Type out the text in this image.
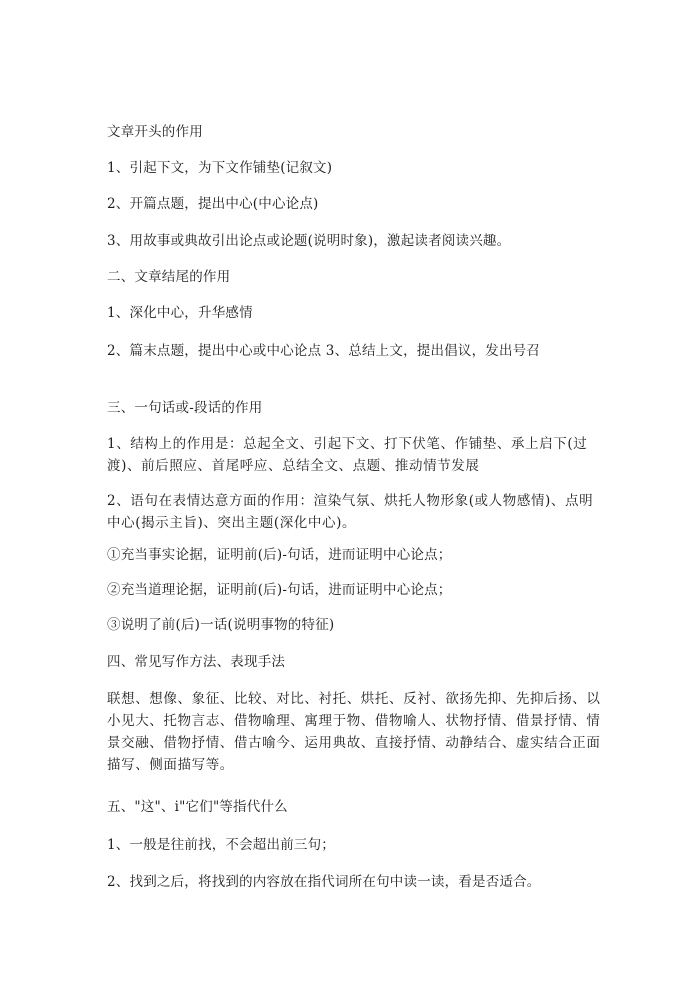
文章开头的作用
1、引起下文，为下文作铺垫(记叙文)
2、开篇点题，提出中心(中心论点)
3、用故事或典故引出论点或论题(说明时象)，激起读者阅读兴趣。
二、文章结尾的作用
1、深化中心，升华感情
2、篇末点题，提出中心或中心论点 3、总结上文，提出倡议，发出号召
三、一句话或-段话的作用
1、结构上的作用是：总起全文、引起下文、打下伏笔、作铺垫、承上启下(过渡)、前后照应、首尾呼应、总结全文、点题、推动情节发展
2、语句在表情达意方面的作用：渲染气氛、烘托人物形象(或人物感情)、点明中心(揭示主旨)、突出主题(深化中心)。
①充当事实论据，证明前(后)-句话，进而证明中心论点；
②充当道理论据，证明前(后)-句话，进而证明中心论点；
③说明了前(后)一话(说明事物的特征)
四、常见写作方法、表现手法
联想、想像、象征、比较、对比、衬托、烘托、反衬、欲扬先抑、先抑后扬、以小见大、托物言志、借物喻理、寓理于物、借物喻人、状物抒情、借景抒情、情景交融、借物抒情、借古喻今、运用典故、直接抒情、动静结合、虚实结合正面描写、侧面描写等。
五、"这"、i"它们"等指代什么
1、一般是往前找，不会超出前三句；
2、找到之后，将找到的内容放在指代词所在句中读一读，看是否适合。
